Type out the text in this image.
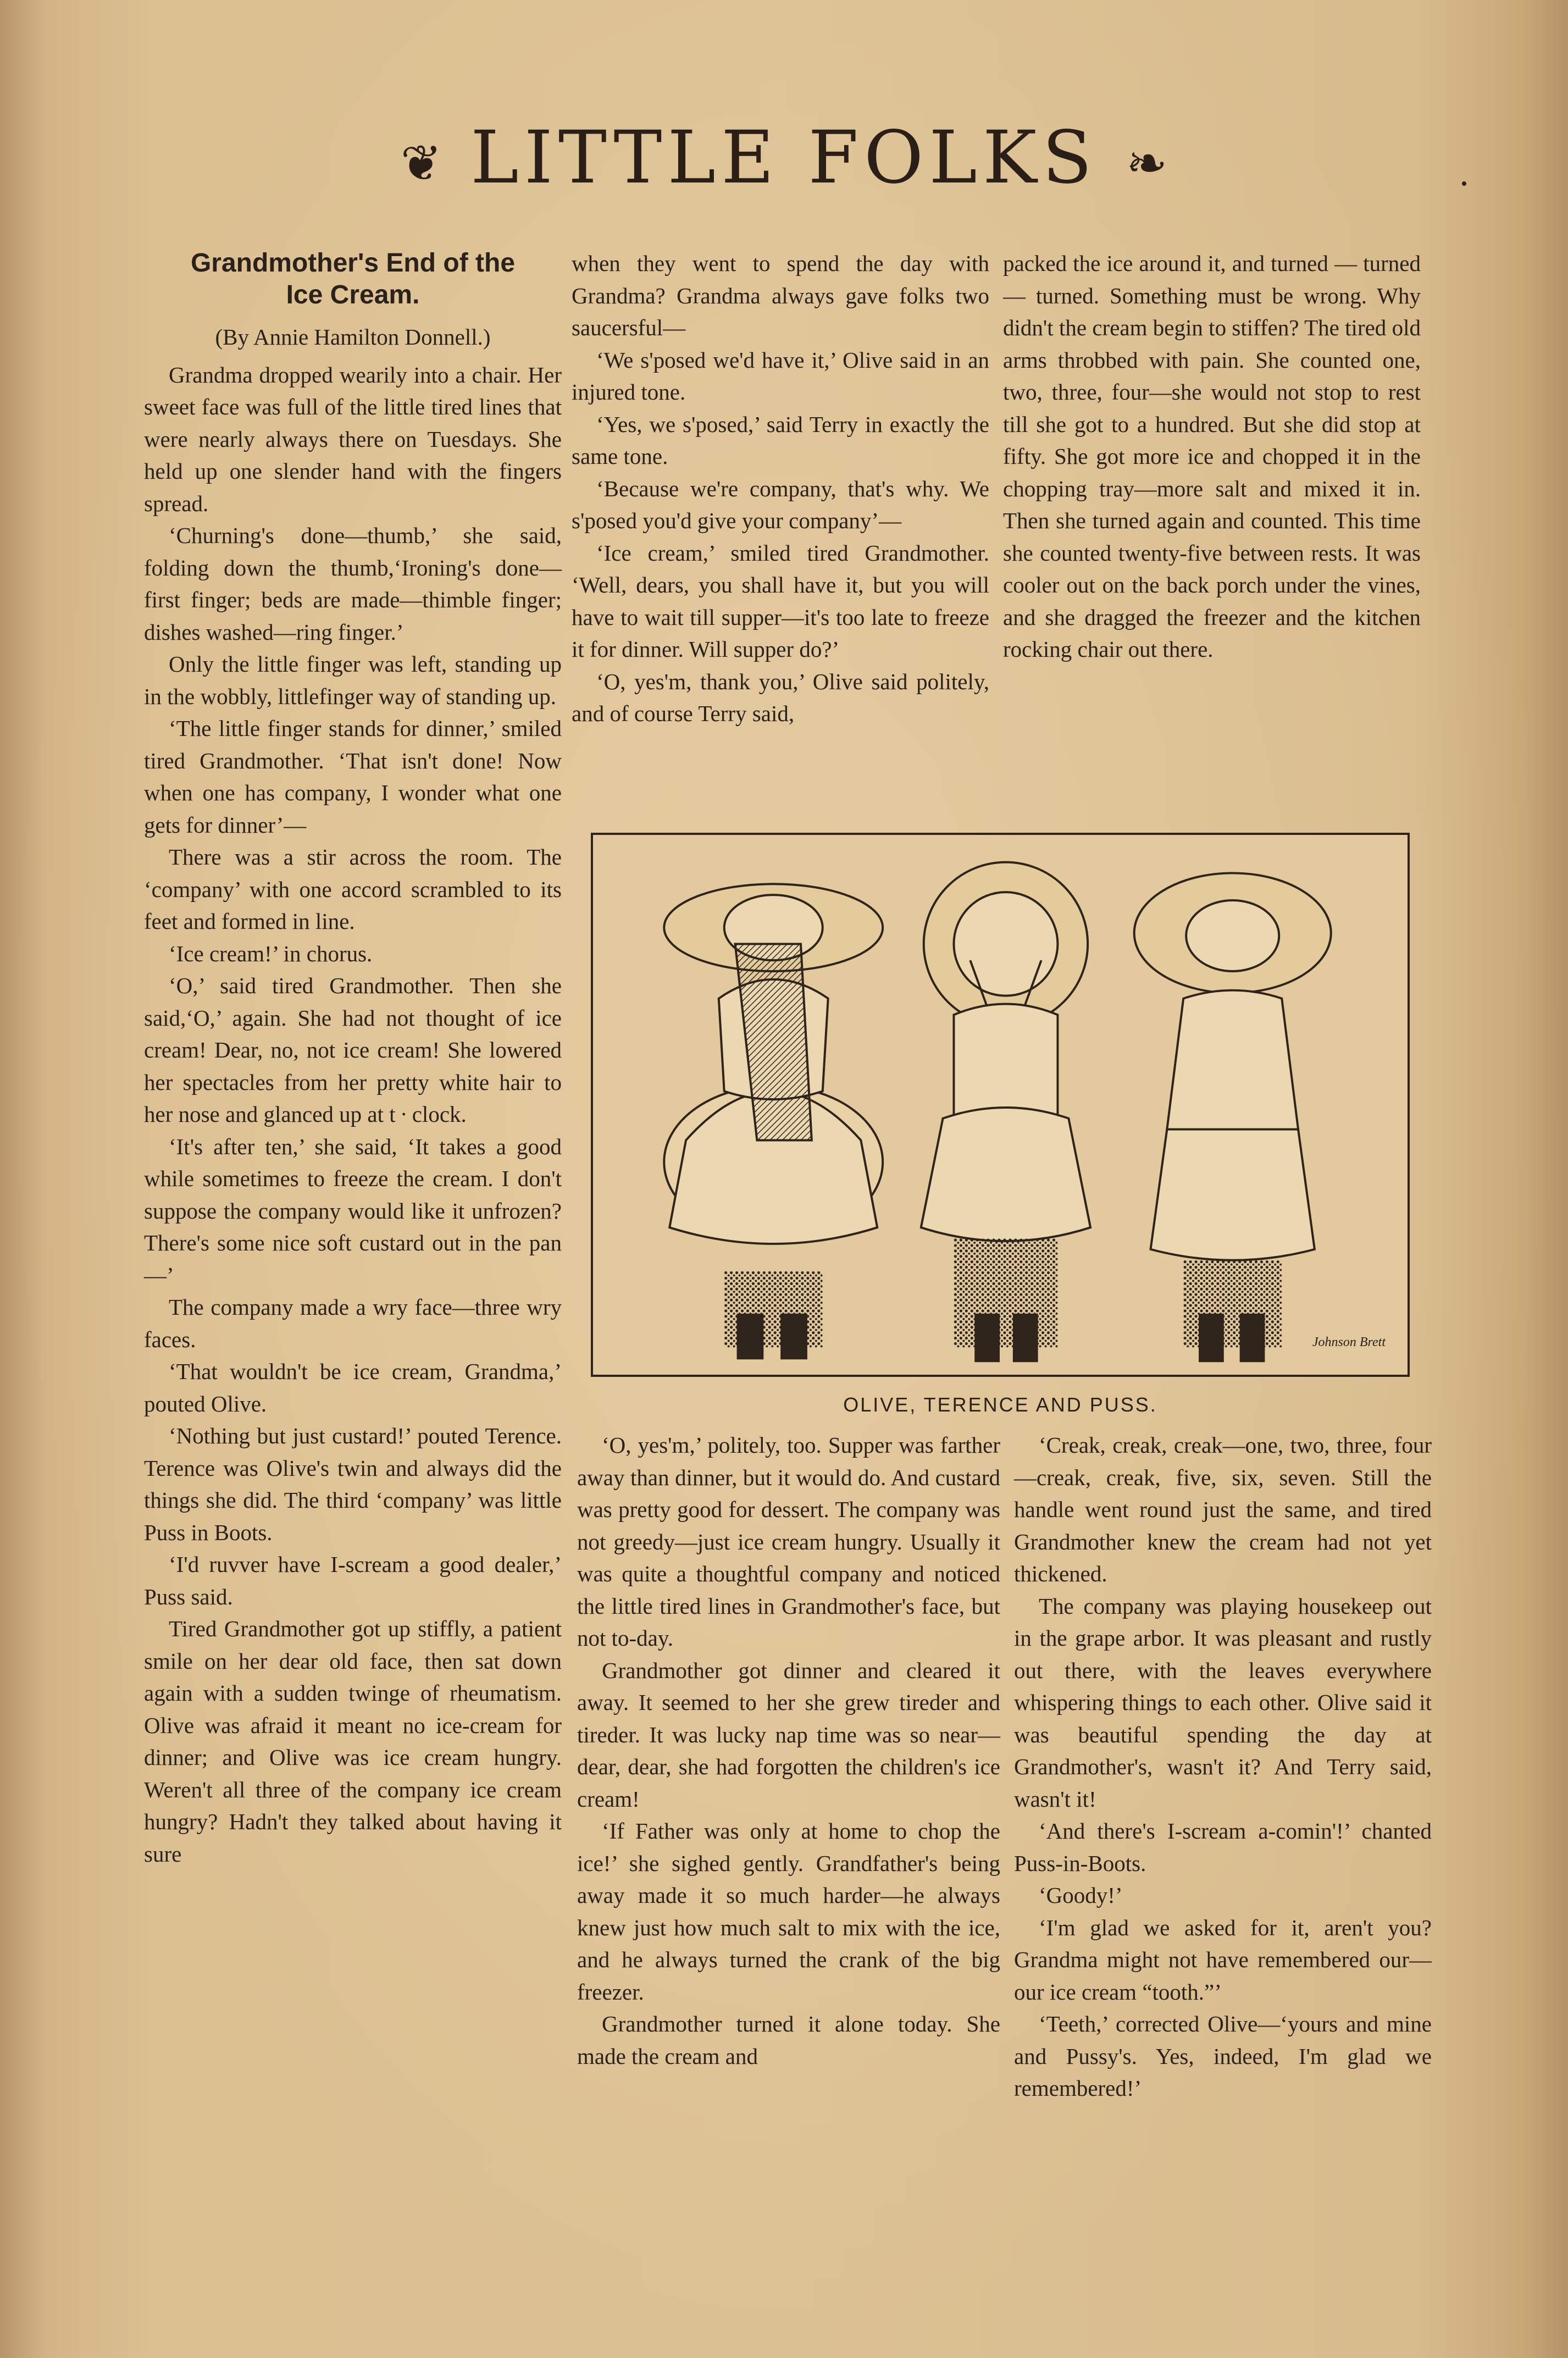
❦ LITTLE FOLKS ❧
Grandmother's End of the
Ice Cream.

(By Annie Hamilton Donnell.)

Grandma dropped wearily into a chair. Her sweet face was full of the little tired lines that were nearly always there on Tuesdays. She held up one slender hand with the fingers spread.

‘Churning's done—thumb,’ she said, folding down the thumb,‘Ironing's done—first finger; beds are made—thimble finger; dishes washed—ring finger.’

Only the little finger was left, standing up in the wobbly, littlefinger way of standing up.

‘The little finger stands for dinner,’ smiled tired Grandmother. ‘That isn't done! Now when one has company, I wonder what one gets for dinner’—

There was a stir across the room. The ‘company’ with one accord scrambled to its feet and formed in line.

‘Ice cream!’ in chorus.

‘O,’ said tired Grandmother. Then she said,‘O,’ again. She had not thought of ice cream! Dear, no, not ice cream! She lowered her spectacles from her pretty white hair to her nose and glanced up at t · clock.

‘It's after ten,’ she said, ‘It takes a good while sometimes to freeze the cream. I don't suppose the company would like it unfrozen? There's some nice soft custard out in the pan—’

The company made a wry face—three wry faces.

‘That wouldn't be ice cream, Grandma,’ pouted Olive.

‘Nothing but just custard!’ pouted Terence. Terence was Olive's twin and always did the things she did. The third ‘company’ was little Puss in Boots.

‘I'd ruvver have I-scream a good dealer,’ Puss said.

Tired Grandmother got up stiffly, a patient smile on her dear old face, then sat down again with a sudden twinge of rheumatism. Olive was afraid it meant no ice-cream for dinner; and Olive was ice cream hungry. Weren't all three of the company ice cream hungry? Hadn't they talked about having it sure

when they went to spend the day with Grandma? Grandma always gave folks two saucersful—

‘We s'posed we'd have it,’ Olive said in an injured tone.

‘Yes, we s'posed,’ said Terry in exactly the same tone.

‘Because we're company, that's why. We s'posed you'd give your company’—

‘Ice cream,’ smiled tired Grandmother. ‘Well, dears, you shall have it, but you will have to wait till supper—it's too late to freeze it for dinner. Will supper do?’

‘O, yes'm, thank you,’ Olive said politely, and of course Terry said,

packed the ice around it, and turned — turned — turned. Something must be wrong. Why didn't the cream begin to stiffen? The tired old arms throbbed with pain. She counted one, two, three, four—she would not stop to rest till she got to a hundred. But she did stop at fifty. She got more ice and chopped it in the chopping tray—more salt and mixed it in. Then she turned again and counted. This time she counted twenty-five between rests. It was cooler out on the back porch under the vines, and she dragged the freezer and the kitchen rocking chair out there.

Johnson Brett
OLIVE, TERENCE AND PUSS.

‘O, yes'm,’ politely, too. Supper was farther away than dinner, but it would do. And custard was pretty good for dessert. The company was not greedy—just ice cream hungry. Usually it was quite a thoughtful company and noticed the little tired lines in Grandmother's face, but not to-day.

Grandmother got dinner and cleared it away. It seemed to her she grew tireder and tireder. It was lucky nap time was so near—dear, dear, she had forgotten the children's ice cream!

‘If Father was only at home to chop the ice!’ she sighed gently. Grandfather's being away made it so much harder—he always knew just how much salt to mix with the ice, and he always turned the crank of the big freezer.

Grandmother turned it alone today. She made the cream and

‘Creak, creak, creak—one, two, three, four—creak, creak, five, six, seven. Still the handle went round just the same, and tired Grandmother knew the cream had not yet thickened.

The company was playing housekeep out in the grape arbor. It was pleasant and rustly out there, with the leaves everywhere whispering things to each other. Olive said it was beautiful spending the day at Grandmother's, wasn't it? And Terry said, wasn't it!

‘And there's I-scream a-comin'!’ chanted Puss-in-Boots.

‘Goody!’

‘I'm glad we asked for it, aren't you? Grandma might not have remembered our—our ice cream “tooth.”’

‘Teeth,’ corrected Olive—‘yours and mine and Pussy's. Yes, indeed, I'm glad we remembered!’
